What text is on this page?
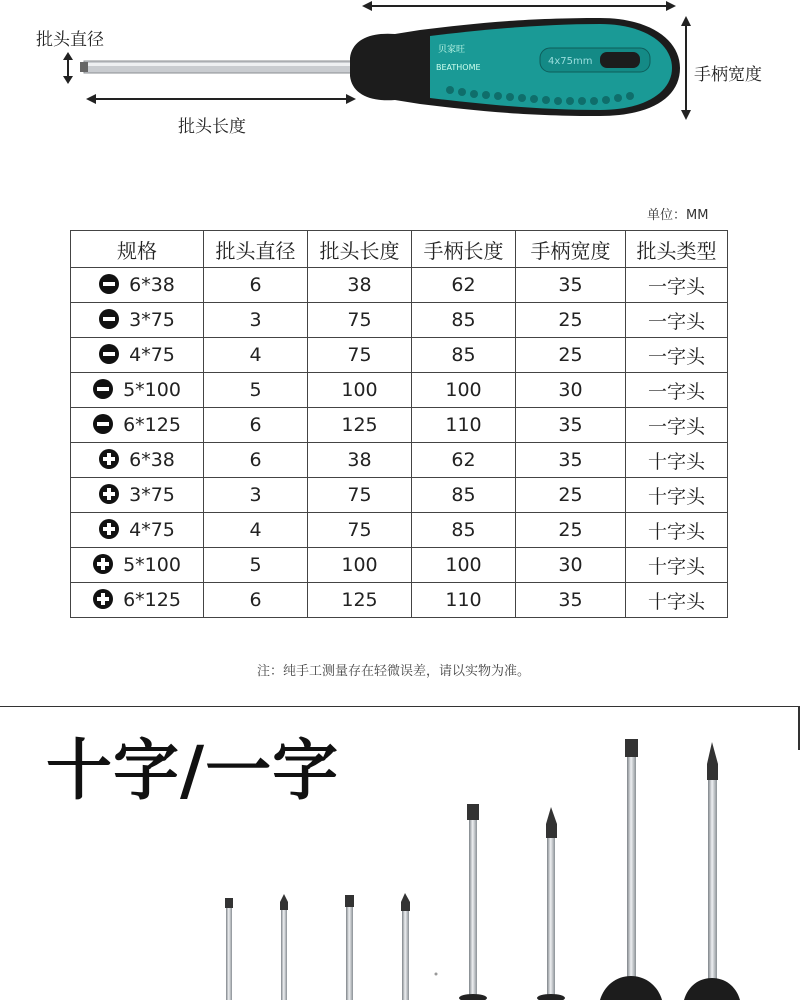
批头直径
批头长度
手柄宽度
贝家旺
BEATHOME
4x75mm
单位：MM
规格	批头直径	批头长度	手柄长度	手柄宽度	批头类型
6*38	6	38	62	35	一字头
3*75	3	75	85	25	一字头
4*75	4	75	85	25	一字头
5*100	5	100	100	30	一字头
6*125	6	125	110	35	一字头
6*38	6	38	62	35	十字头
3*75	3	75	85	25	十字头
4*75	4	75	85	25	十字头
5*100	5	100	100	30	十字头
6*125	6	125	110	35	十字头
注：纯手工测量存在轻微误差，请以实物为准。
十字/一字
